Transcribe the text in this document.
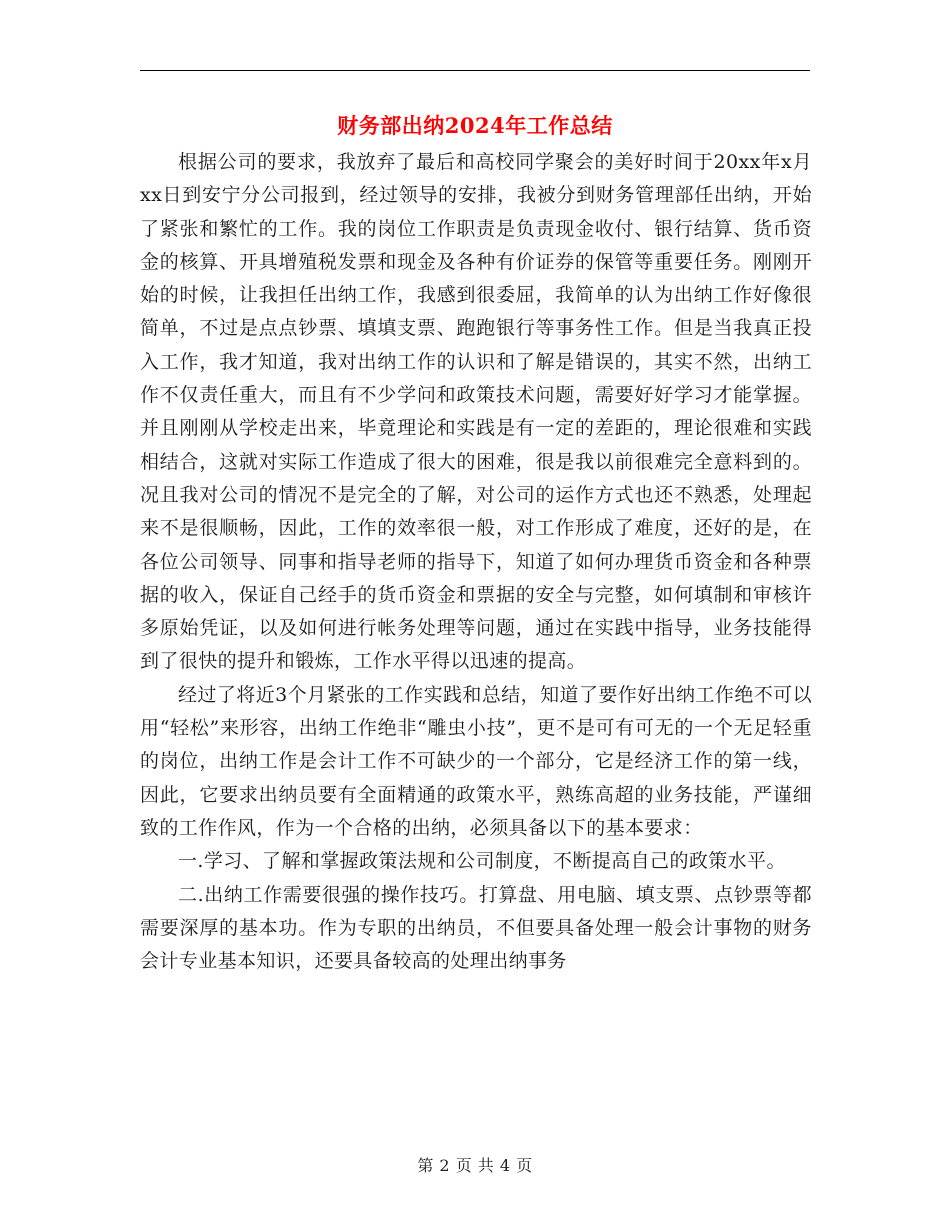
财务部出纳2024年工作总结

根据公司的要求，我放弃了最后和高校同学聚会的美好时间于20xx年x月xx日到安宁分公司报到，经过领导的安排，我被分到财务管理部任出纳，开始了紧张和繁忙的工作。我的岗位工作职责是负责现金收付、银行结算、货币资金的核算、开具增殖税发票和现金及各种有价证券的保管等重要任务。刚刚开始的时候，让我担任出纳工作，我感到很委屈，我简单的认为出纳工作好像很简单，不过是点点钞票、填填支票、跑跑银行等事务性工作。但是当我真正投入工作，我才知道，我对出纳工作的认识和了解是错误的，其实不然，出纳工作不仅责任重大，而且有不少学问和政策技术问题，需要好好学习才能掌握。并且刚刚从学校走出来，毕竟理论和实践是有一定的差距的，理论很难和实践相结合，这就对实际工作造成了很大的困难，很是我以前很难完全意料到的。况且我对公司的情况不是完全的了解，对公司的运作方式也还不熟悉，处理起来不是很顺畅，因此，工作的效率很一般，对工作形成了难度，还好的是，在各位公司领导、同事和指导老师的指导下，知道了如何办理货币资金和各种票据的收入，保证自己经手的货币资金和票据的安全与完整，如何填制和审核许多原始凭证，以及如何进行帐务处理等问题，通过在实践中指导，业务技能得到了很快的提升和锻炼，工作水平得以迅速的提高。

经过了将近3个月紧张的工作实践和总结，知道了要作好出纳工作绝不可以用“轻松”来形容，出纳工作绝非“雕虫小技”，更不是可有可无的一个无足轻重的岗位，出纳工作是会计工作不可缺少的一个部分，它是经济工作的第一线，因此，它要求出纳员要有全面精通的政策水平，熟练高超的业务技能，严谨细致的工作作风，作为一个合格的出纳，必须具备以下的基本要求：

一.学习、了解和掌握政策法规和公司制度，不断提高自己的政策水平。

二.出纳工作需要很强的操作技巧。打算盘、用电脑、填支票、点钞票等都需要深厚的基本功。作为专职的出纳员，不但要具备处理一般会计事物的财务会计专业基本知识，还要具备较高的处理出纳事务

第 2 页 共 4 页
